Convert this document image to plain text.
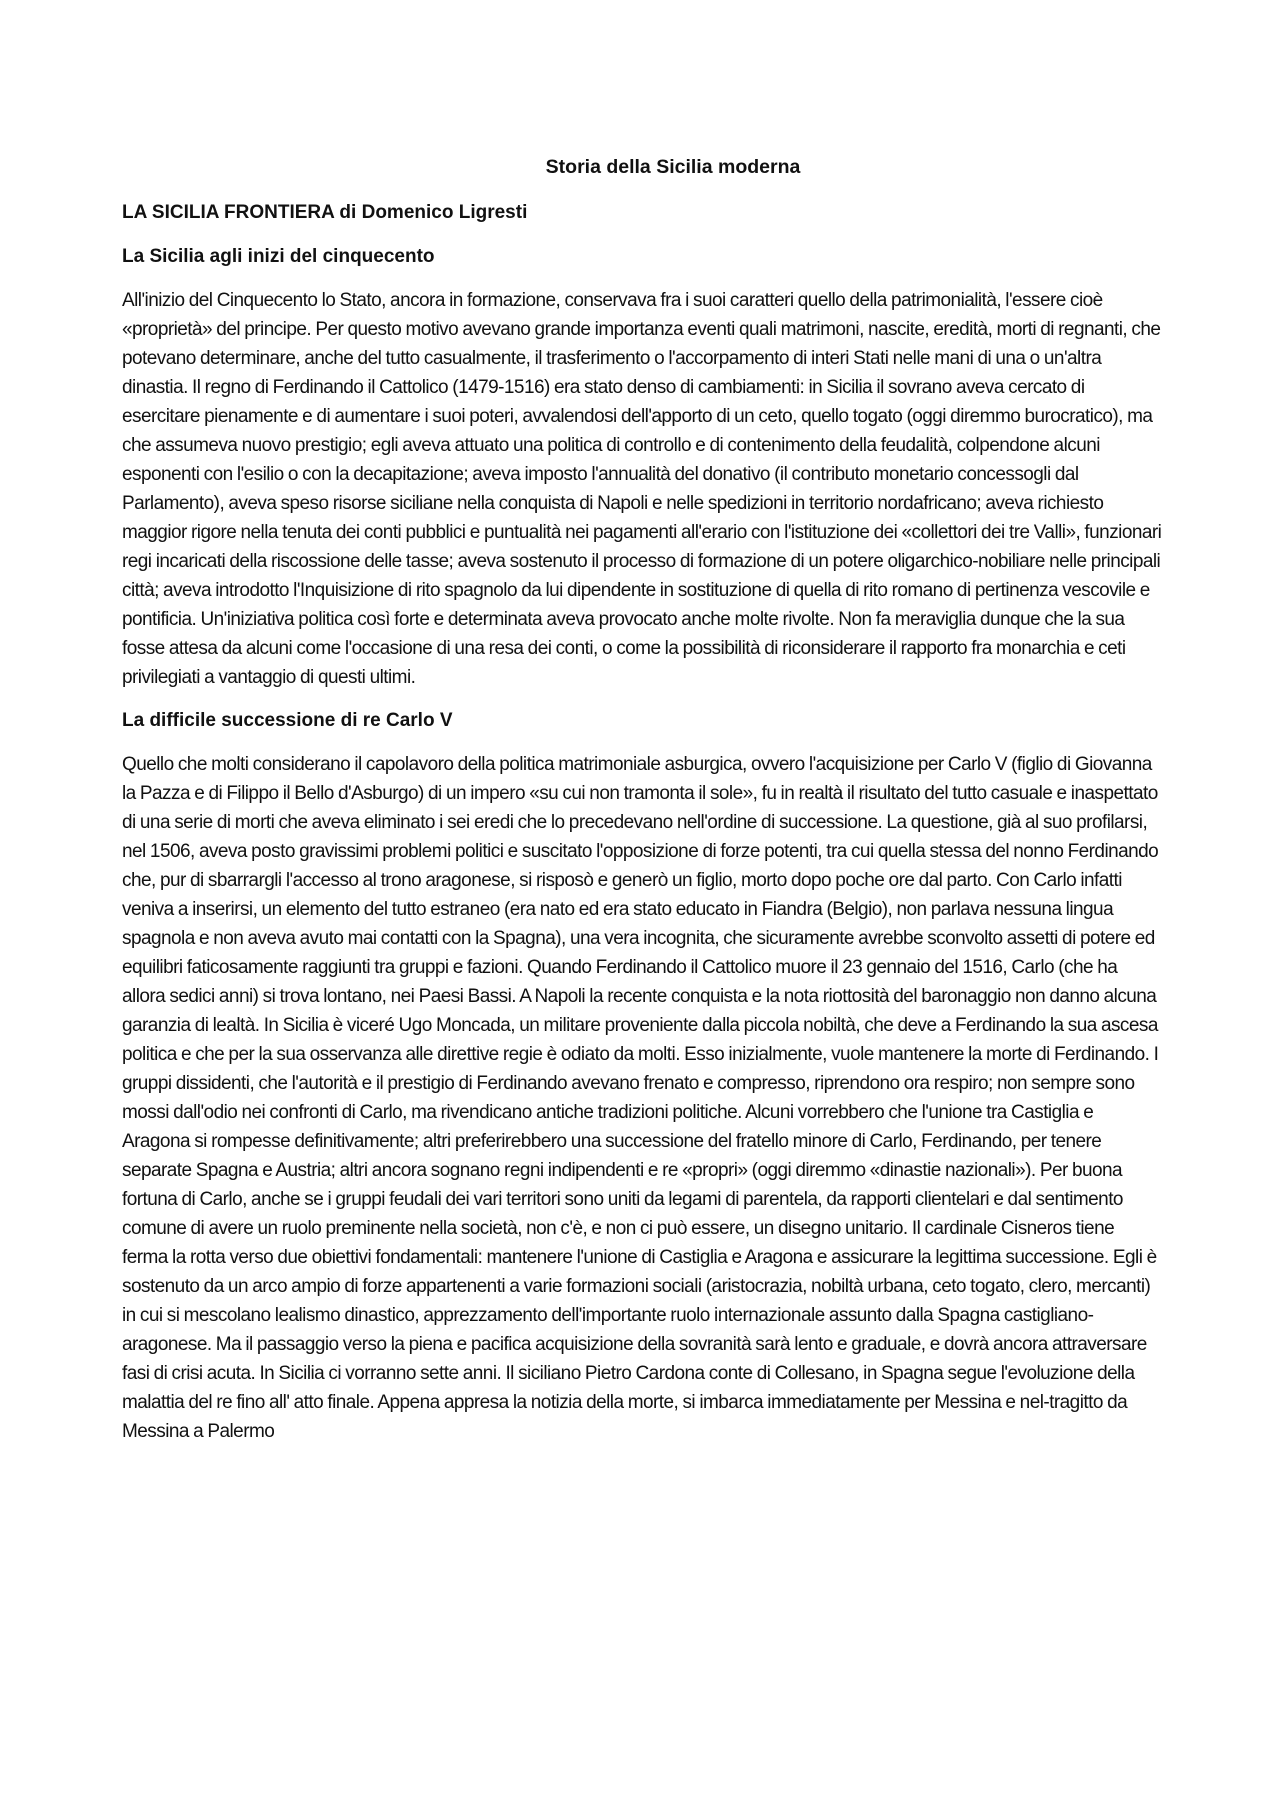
Storia della Sicilia moderna
LA SICILIA FRONTIERA di Domenico Ligresti
La Sicilia agli inizi del cinquecento

All'inizio del Cinquecento lo Stato, ancora in formazione, conservava fra i suoi caratteri quello della patrimonialità, l'essere cioè «proprietà» del principe. Per questo motivo avevano grande importanza eventi quali matrimoni, nascite, eredità, morti di regnanti, che potevano determinare, anche del tutto casualmente, il trasferimento o l'accorpamento di interi Stati nelle mani di una o un'altra dinastia. Il regno di Ferdinando il Cattolico (1479-1516) era stato denso di cambiamenti: in Sicilia il sovrano aveva cercato di esercitare pienamente e di aumentare i suoi poteri, avvalendosi dell'apporto di un ceto, quello togato (oggi diremmo burocratico), ma che assumeva nuovo prestigio; egli aveva attuato una politica di controllo e di contenimento della feudalità, colpendone alcuni esponenti con l'esilio o con la decapitazione; aveva imposto l'annualità del donativo (il contributo monetario concessogli dal Parlamento), aveva speso risorse siciliane nella conquista di Napoli e nelle spedizioni in territorio nordafricano; aveva richiesto maggior rigore nella tenuta dei conti pubblici e puntualità nei pagamenti all'erario con l'istituzione dei «collettori dei tre Valli», funzionari regi incaricati della riscossione delle tasse; aveva sostenuto il processo di formazione di un potere oligarchico-nobiliare nelle principali città; aveva introdotto l'Inquisizione di rito spagnolo da lui dipendente in sostituzione di quella di rito romano di pertinenza vescovile e pontificia. Un'iniziativa politica così forte e determinata aveva provocato anche molte rivolte. Non fa meraviglia dunque che la sua fosse attesa da alcuni come l'occasione di una resa dei conti, o come la possibilità di riconsiderare il rapporto fra monarchia e ceti privilegiati a vantaggio di questi ultimi.

La difficile successione di re Carlo V

Quello che molti considerano il capolavoro della politica matrimoniale asburgica, ovvero l'acquisizione per Carlo V (figlio di Giovanna la Pazza e di Filippo il Bello d'Asburgo) di un impero «su cui non tramonta il sole», fu in realtà il risultato del tutto casuale e inaspettato di una serie di morti che aveva eliminato i sei eredi che lo precedevano nell'ordine di successione. La questione, già al suo profilarsi, nel 1506, aveva posto gravissimi problemi politici e suscitato l'opposizione di forze potenti, tra cui quella stessa del nonno Ferdinando che, pur di sbarrargli l'accesso al trono aragonese, si risposò e generò un figlio, morto dopo poche ore dal parto. Con Carlo infatti veniva a inserirsi, un elemento del tutto estraneo (era nato ed era stato educato in Fiandra (Belgio), non parlava nessuna lingua spagnola e non aveva avuto mai contatti con la Spagna), una vera incognita, che sicuramente avrebbe sconvolto assetti di potere ed equilibri faticosamente raggiunti tra gruppi e fazioni. Quando Ferdinando il Cattolico muore il 23 gennaio del 1516, Carlo (che ha allora sedici anni) si trova lontano, nei Paesi Bassi. A Napoli la recente conquista e la nota riottosità del baronaggio non danno alcuna garanzia di lealtà. In Sicilia è viceré Ugo Moncada, un militare proveniente dalla piccola nobiltà, che deve a Ferdinando la sua ascesa politica e che per la sua osservanza alle direttive regie è odiato da molti. Esso inizialmente, vuole mantenere la morte di Ferdinando. I gruppi dissidenti, che l'autorità e il prestigio di Ferdinando avevano frenato e compresso, riprendono ora respiro; non sempre sono mossi dall'odio nei confronti di Carlo, ma rivendicano antiche tradizioni politiche. Alcuni vorrebbero che l'unione tra Castiglia e Aragona si rompesse definitivamente; altri preferirebbero una successione del fratello minore di Carlo, Ferdinando, per tenere separate Spagna e Austria; altri ancora sognano regni indipendenti e re «propri» (oggi diremmo «dinastie nazionali»). Per buona fortuna di Carlo, anche se i gruppi feudali dei vari territori sono uniti da legami di parentela, da rapporti clientelari e dal sentimento comune di avere un ruolo preminente nella società, non c'è, e non ci può essere, un disegno unitario. Il cardinale Cisneros tiene ferma la rotta verso due obiettivi fondamentali: mantenere l'unione di Castiglia e Aragona e assicurare la legittima successione. Egli è sostenuto da un arco ampio di forze appartenenti a varie formazioni sociali (aristocrazia, nobiltà urbana, ceto togato, clero, mercanti) in cui si mescolano lealismo dinastico, apprezzamento dell'importante ruolo internazionale assunto dalla Spagna castigliano-aragonese. Ma il passaggio verso la piena e pacifica acquisizione della sovranità sarà lento e graduale, e dovrà ancora attraversare fasi di crisi acuta. In Sicilia ci vorranno sette anni. Il siciliano Pietro Cardona conte di Collesano, in Spagna segue l'evoluzione della malattia del re fino all' atto finale. Appena appresa la notizia della morte, si imbarca immediatamente per Messina e nel-tragitto da Messina a Palermo
